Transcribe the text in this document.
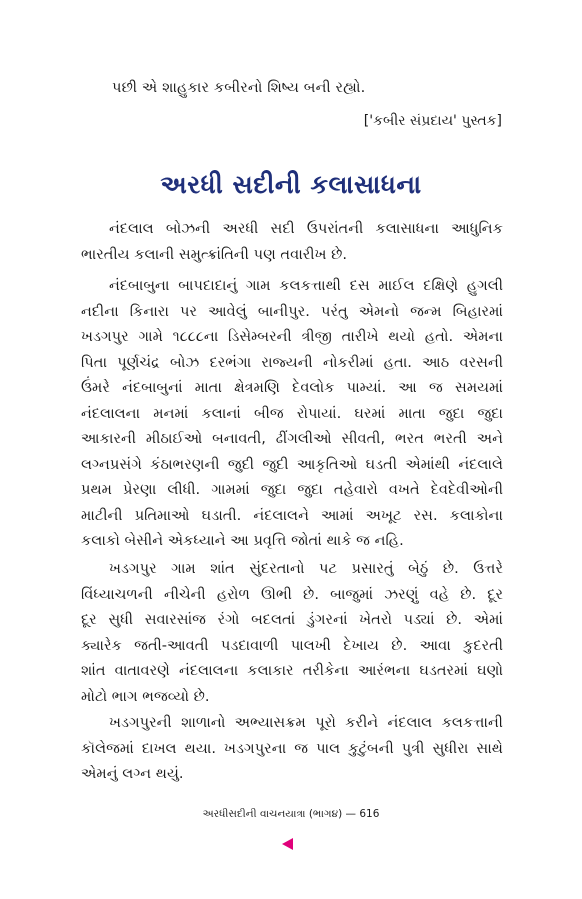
પછી એ શાહુકાર કબીરનો શિષ્ય બની રહ્યો.
['કબીર સંપ્રદાય' પુસ્તક]
અરધી સદીની કલાસાધના
નંદલાલ બોઝની અરધી સદી ઉપરાંતની કલાસાધના આધુનિક
ભારતીય કલાની સમુત્ક્રાંતિની પણ તવારીખ છે.
નંદબાબુના બાપદાદાનું ગામ કલકત્તાથી દસ માઈલ દક્ષિણે હુગલી
નદીના કિનારા પર આવેલું બાનીપુર. પરંતુ એમનો જન્મ બિહારમાં
ખડગપુર ગામે ૧૮૮૮ના ડિસેમ્બરની ત્રીજી તારીખે થયો હતો. એમના
પિતા પૂર્ણચંદ્ર બોઝ દરભંગા રાજ્યની નોકરીમાં હતા. આઠ વરસની
ઉંમરે નંદબાબુનાં માતા ક્ષેત્રમણિ દેવલોક પામ્યાં. આ જ સમયમાં
નંદલાલના મનમાં કલાનાં બીજ રોપાયાં. ઘરમાં માતા જુદા જુદા
આકારની મીઠાઈઓ બનાવતી, ઢીંગલીઓ સીવતી, ભરત ભરતી અને
લગ્નપ્રસંગે કંઠાભરણની જુદી જુદી આકૃતિઓ ઘડતી એમાંથી નંદલાલે
પ્રથમ પ્રેરણા લીધી. ગામમાં જુદા જુદા તહેવારો વખતે દેવદેવીઓની
માટીની પ્રતિમાઓ ઘડાતી. નંદલાલને આમાં અખૂટ રસ. કલાકોના
કલાકો બેસીને એકધ્યાને આ પ્રવૃત્તિ જોતાં થાકે જ નહિ.
ખડગપુર ગામ શાંત સુંદરતાનો પટ પ્રસારતું બેઠું છે. ઉત્તરે
વિંધ્યાચળની નીચેની હરોળ ઊભી છે. બાજુમાં ઝરણું વહે છે. દૂર
દૂર સુધી સવારસાંજ રંગો બદલતાં ડુંગરનાં ખેતરો પડ્યાં છે. એમાં
ક્યારેક જતી-આવતી પડદાવાળી પાલખી દેખાય છે. આવા કુદરતી
શાંત વાતાવરણે નંદલાલના કલાકાર તરીકેના આરંભના ઘડતરમાં ઘણો
મોટો ભાગ ભજવ્યો છે.
ખડગપુરની શાળાનો અભ્યાસક્રમ પૂરો કરીને નંદલાલ કલકત્તાની
કૉલેજમાં દાખલ થયા. ખડગપુરના જ પાલ કુટુંબની પુત્રી સુધીરા સાથે
એમનું લગ્ન થયું.
અરધીસદીની વાચનયાત્રા (ભાગ૪) — 616
